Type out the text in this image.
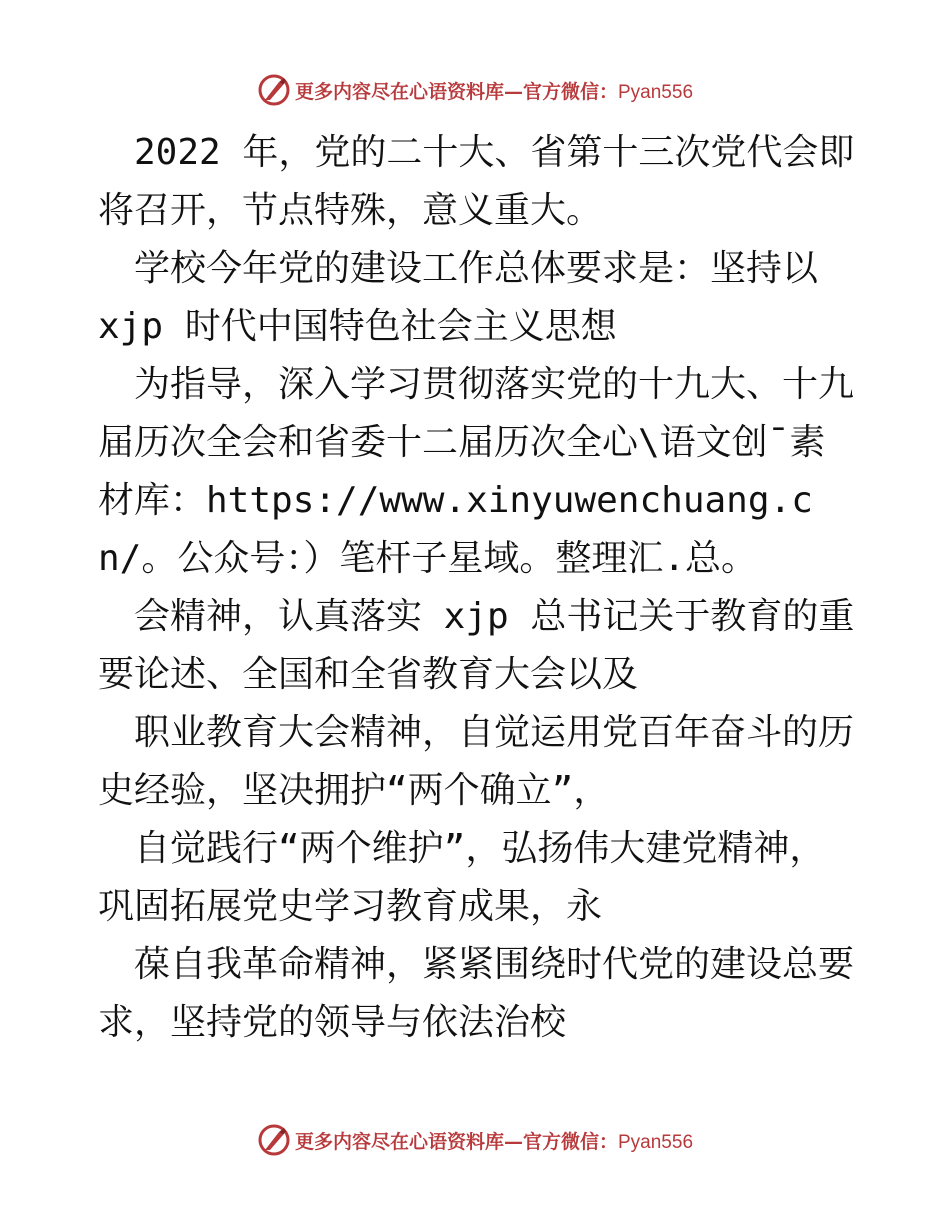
更多内容尽在心语资料库—官方微信：Pyan556

2022 年，党的二十大、省第十三次党代会即将召开，节点特殊，意义重大。

学校今年党的建设工作总体要求是：坚持以 xjp 时代中国特色社会主义思想

为指导，深入学习贯彻落实党的十九大、十九届历次全会和省委十二届历次全心\语文创¯素材库：https://www.xinyuwenchuang.cn/。公众号：）笔杆子星域。整理汇.总。

会精神，认真落实 xjp 总书记关于教育的重要论述、全国和全省教育大会以及

职业教育大会精神，自觉运用党百年奋斗的历史经验，坚决拥护“两个确立”，

自觉践行“两个维护”，弘扬伟大建党精神，巩固拓展党史学习教育成果，永

葆自我革命精神，紧紧围绕时代党的建设总要求，坚持党的领导与依法治校

更多内容尽在心语资料库—官方微信：Pyan556
